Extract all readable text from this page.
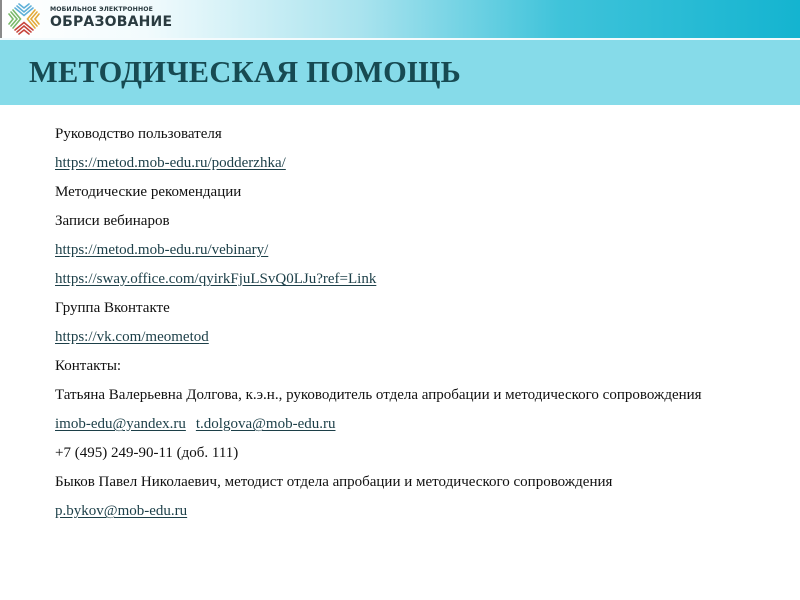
МОБИЛЬНОЕ ЭЛЕКТРОННОЕ
ОБРАЗОВАНИЕ
МЕТОДИЧЕСКАЯ ПОМОЩЬ
Руководство пользователя
https://metod.mob-edu.ru/podderzhka/
Методические рекомендации
Записи вебинаров
https://metod.mob-edu.ru/vebinary/
https://sway.office.com/qyirkFjuLSvQ0LJu?ref=Link
Группа Вконтакте
https://vk.com/meometod
Контакты:
Татьяна Валерьевна Долгова, к.э.н., руководитель отдела апробации и методического сопровождения
imob-edu@yandex.ru t.dolgova@mob-edu.ru
+7 (495) 249-90-11 (доб. 111)
Быков Павел Николаевич, методист отдела апробации и методического сопровождения
p.bykov@mob-edu.ru
